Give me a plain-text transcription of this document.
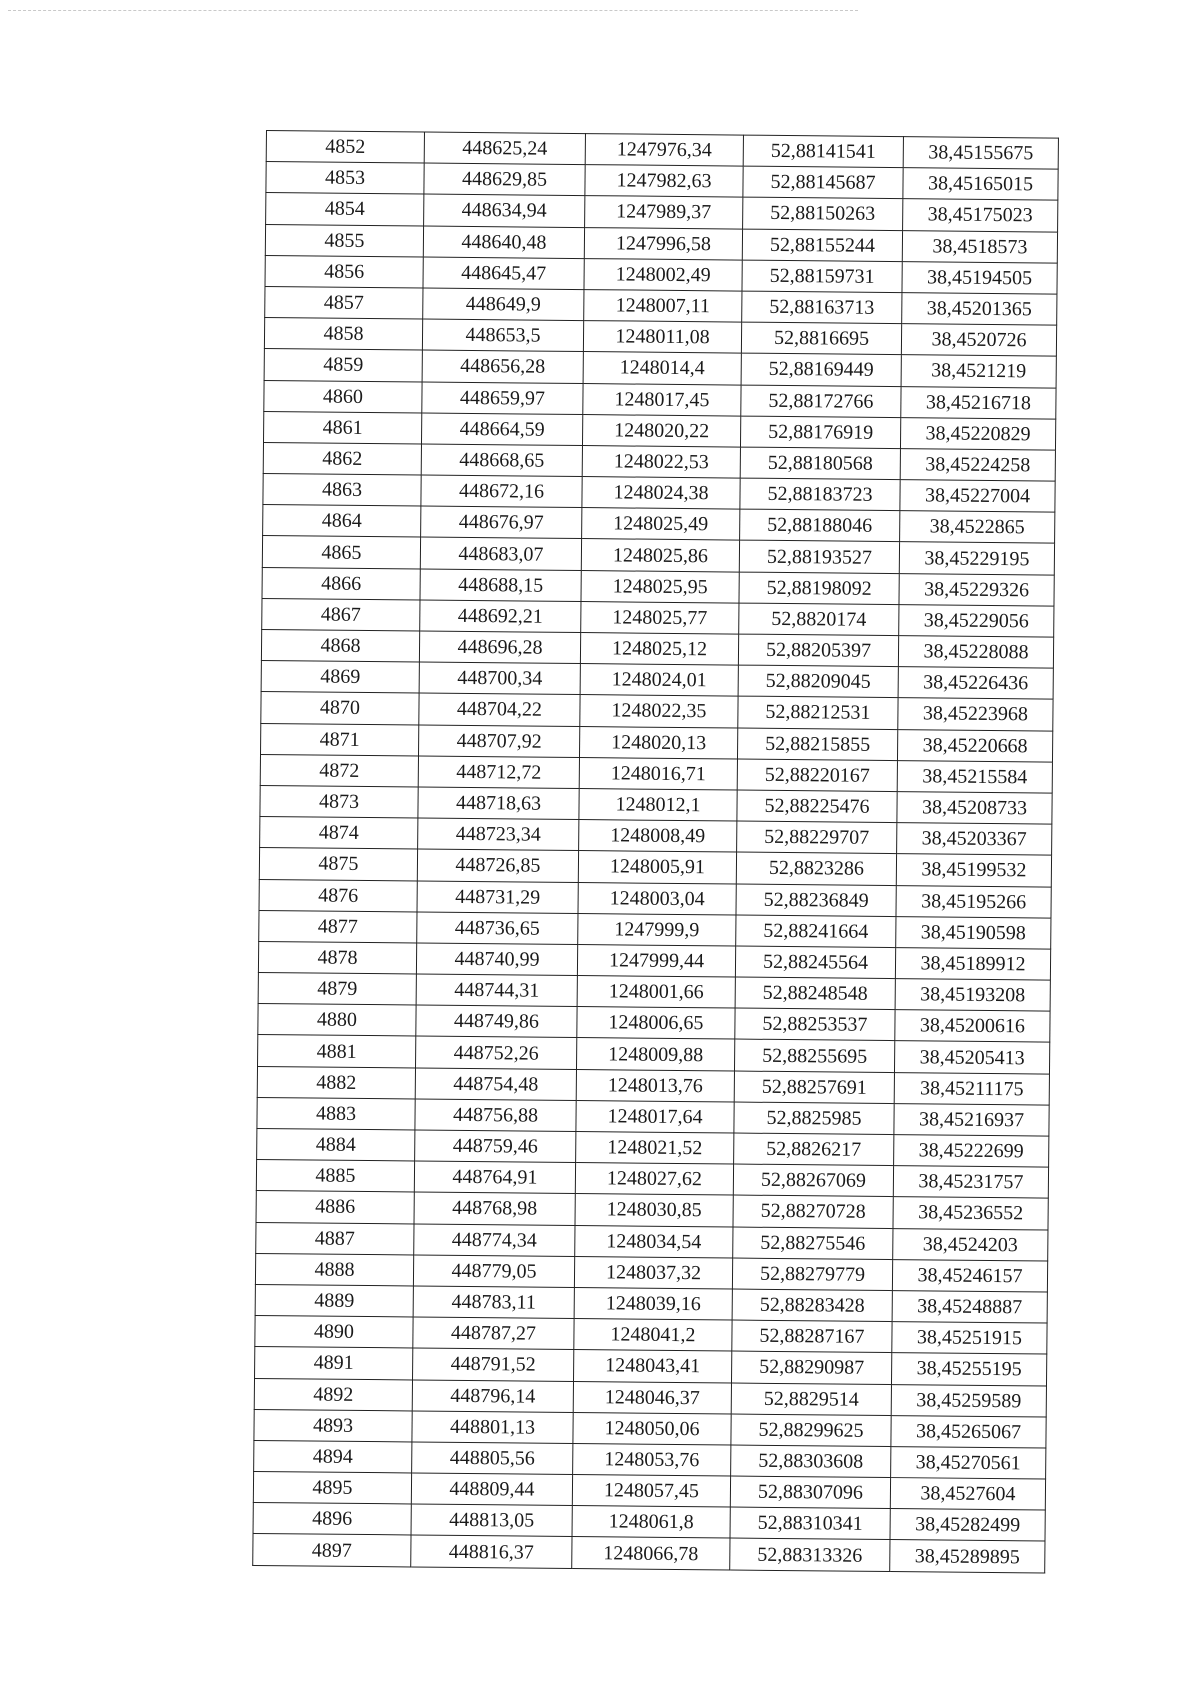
4852	448625,24	1247976,34	52,88141541	38,45155675
4853	448629,85	1247982,63	52,88145687	38,45165015
4854	448634,94	1247989,37	52,88150263	38,45175023
4855	448640,48	1247996,58	52,88155244	38,4518573
4856	448645,47	1248002,49	52,88159731	38,45194505
4857	448649,9	1248007,11	52,88163713	38,45201365
4858	448653,5	1248011,08	52,8816695	38,4520726
4859	448656,28	1248014,4	52,88169449	38,4521219
4860	448659,97	1248017,45	52,88172766	38,45216718
4861	448664,59	1248020,22	52,88176919	38,45220829
4862	448668,65	1248022,53	52,88180568	38,45224258
4863	448672,16	1248024,38	52,88183723	38,45227004
4864	448676,97	1248025,49	52,88188046	38,4522865
4865	448683,07	1248025,86	52,88193527	38,45229195
4866	448688,15	1248025,95	52,88198092	38,45229326
4867	448692,21	1248025,77	52,8820174	38,45229056
4868	448696,28	1248025,12	52,88205397	38,45228088
4869	448700,34	1248024,01	52,88209045	38,45226436
4870	448704,22	1248022,35	52,88212531	38,45223968
4871	448707,92	1248020,13	52,88215855	38,45220668
4872	448712,72	1248016,71	52,88220167	38,45215584
4873	448718,63	1248012,1	52,88225476	38,45208733
4874	448723,34	1248008,49	52,88229707	38,45203367
4875	448726,85	1248005,91	52,8823286	38,45199532
4876	448731,29	1248003,04	52,88236849	38,45195266
4877	448736,65	1247999,9	52,88241664	38,45190598
4878	448740,99	1247999,44	52,88245564	38,45189912
4879	448744,31	1248001,66	52,88248548	38,45193208
4880	448749,86	1248006,65	52,88253537	38,45200616
4881	448752,26	1248009,88	52,88255695	38,45205413
4882	448754,48	1248013,76	52,88257691	38,45211175
4883	448756,88	1248017,64	52,8825985	38,45216937
4884	448759,46	1248021,52	52,8826217	38,45222699
4885	448764,91	1248027,62	52,88267069	38,45231757
4886	448768,98	1248030,85	52,88270728	38,45236552
4887	448774,34	1248034,54	52,88275546	38,4524203
4888	448779,05	1248037,32	52,88279779	38,45246157
4889	448783,11	1248039,16	52,88283428	38,45248887
4890	448787,27	1248041,2	52,88287167	38,45251915
4891	448791,52	1248043,41	52,88290987	38,45255195
4892	448796,14	1248046,37	52,8829514	38,45259589
4893	448801,13	1248050,06	52,88299625	38,45265067
4894	448805,56	1248053,76	52,88303608	38,45270561
4895	448809,44	1248057,45	52,88307096	38,4527604
4896	448813,05	1248061,8	52,88310341	38,45282499
4897	448816,37	1248066,78	52,88313326	38,45289895
